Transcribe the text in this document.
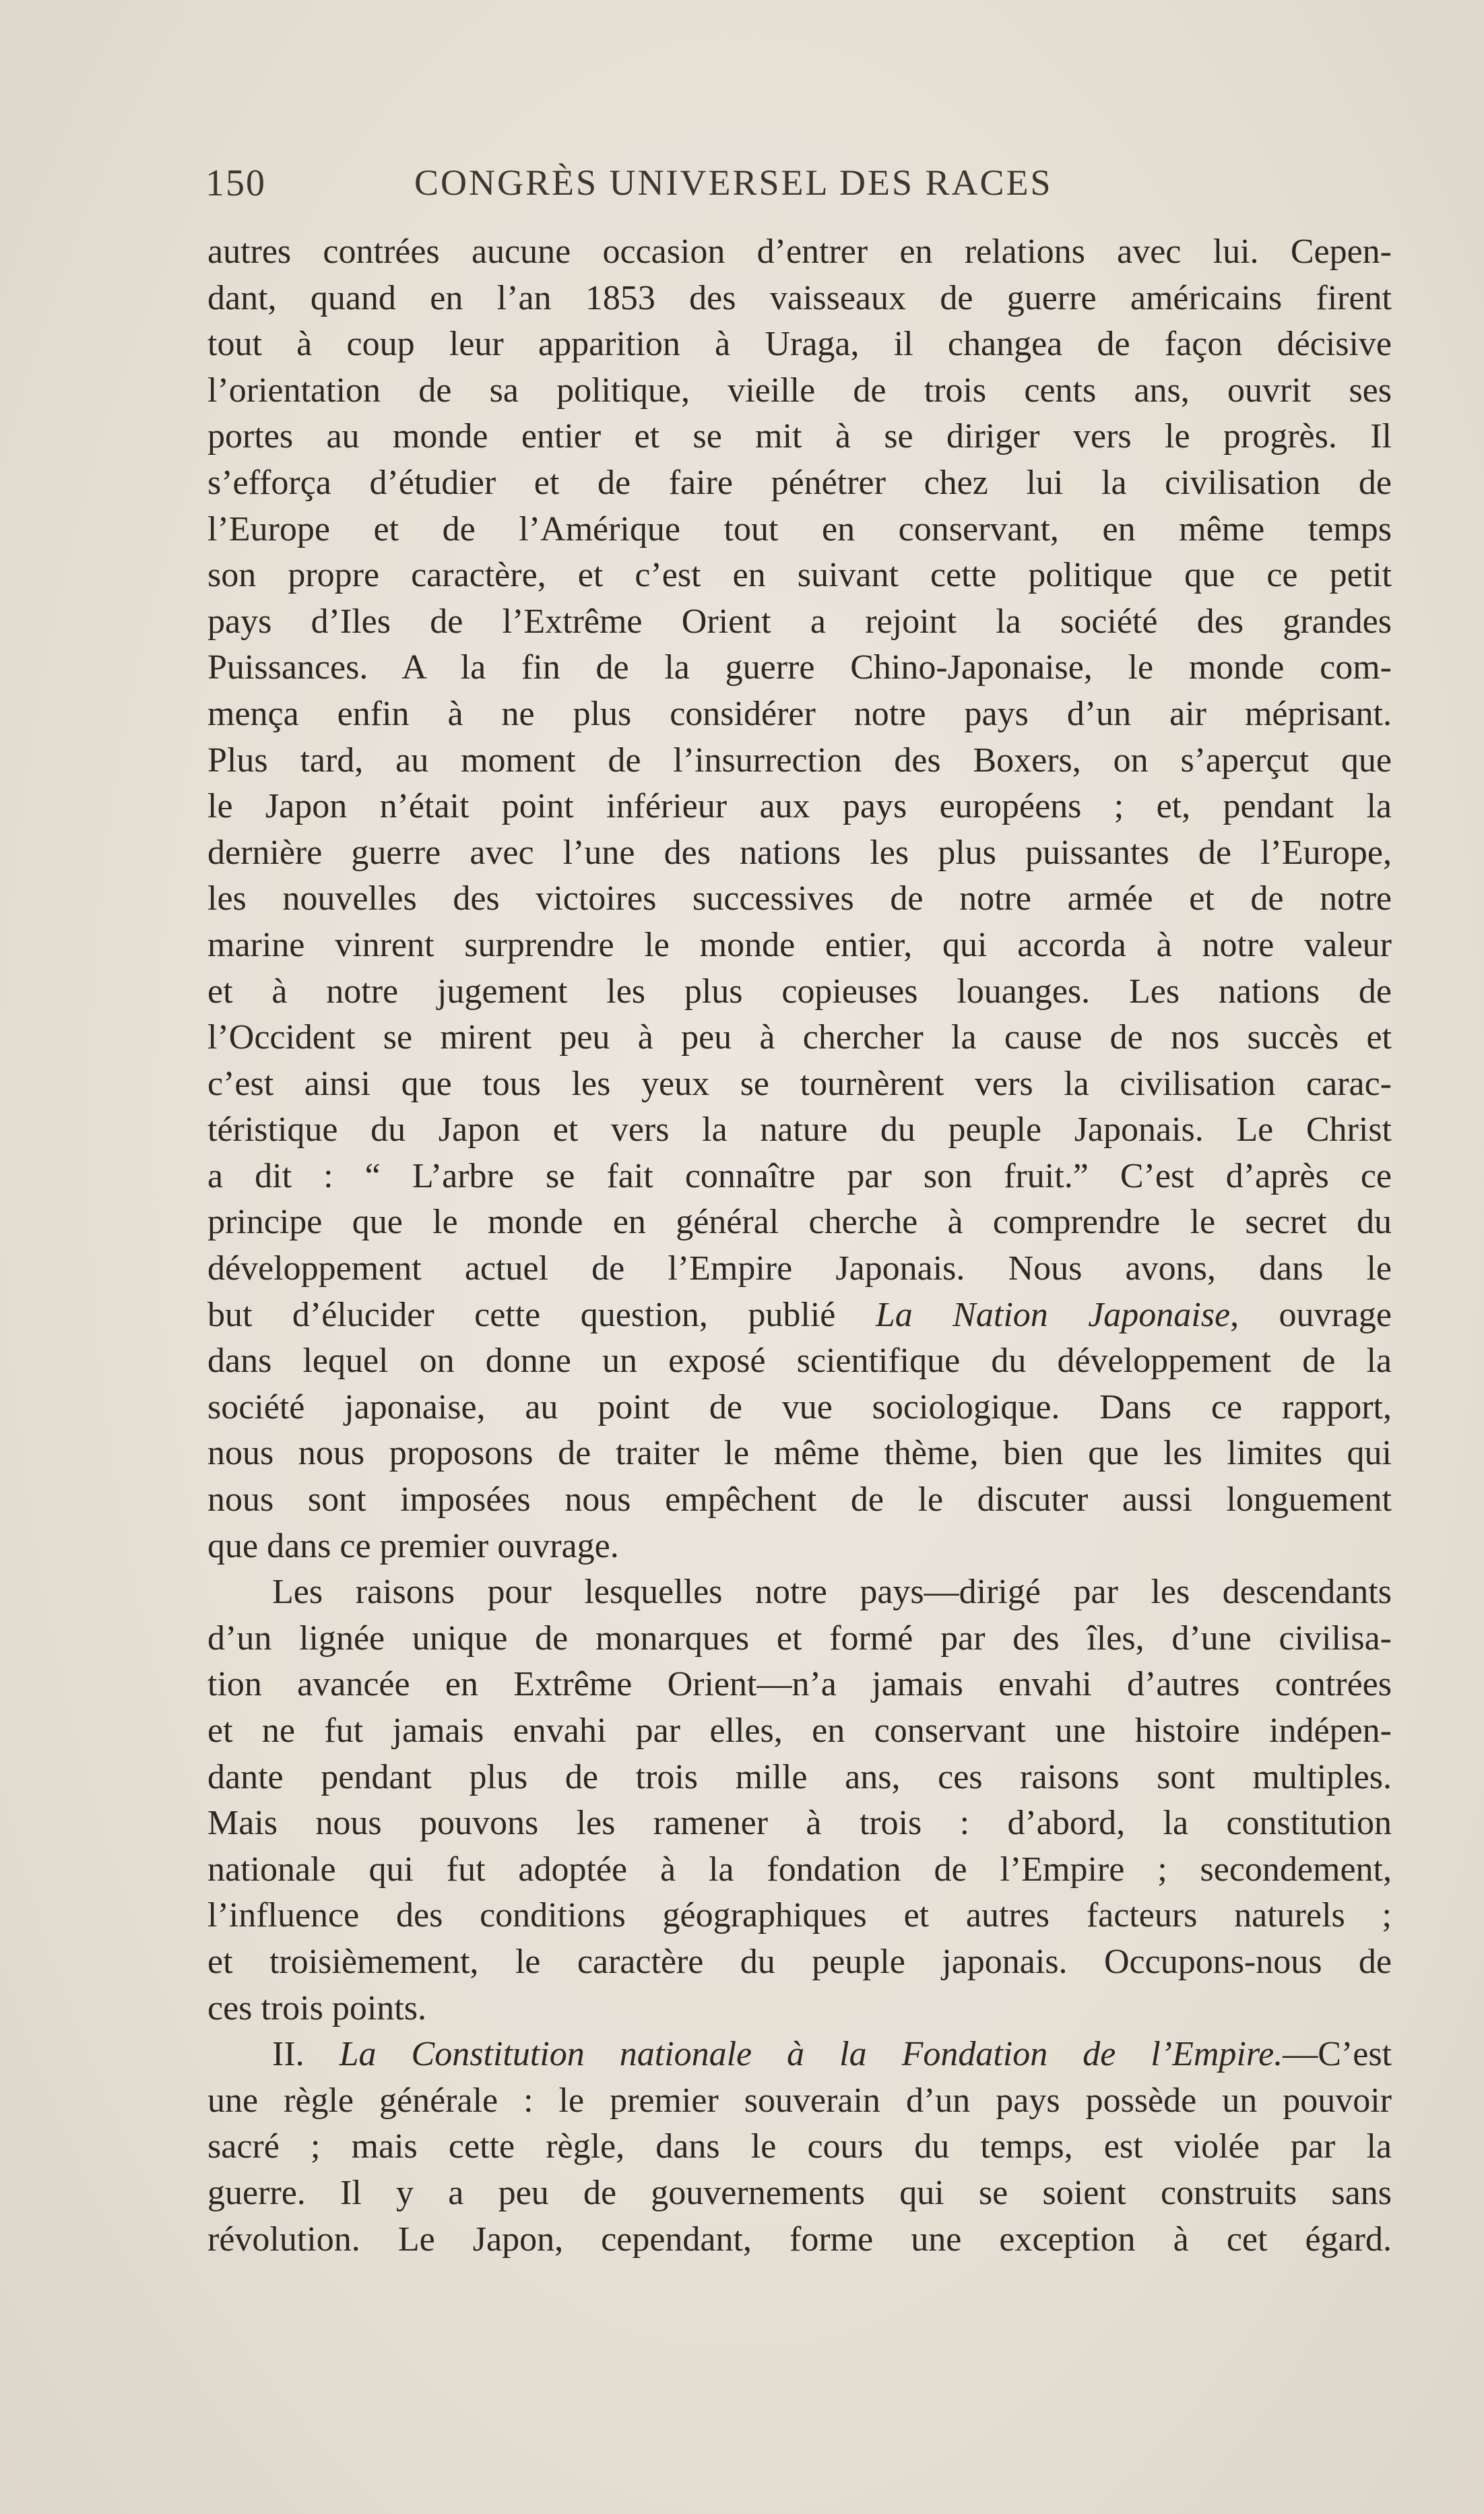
150	CONGRÈS UNIVERSEL DES RACES
autres contrées aucune occasion d’entrer en relations avec lui. Cepen-
dant, quand en l’an 1853 des vaisseaux de guerre américains firent
tout à coup leur apparition à Uraga, il changea de façon décisive
l’orientation de sa politique, vieille de trois cents ans, ouvrit ses
portes au monde entier et se mit à se diriger vers le progrès. Il
s’efforça d’étudier et de faire pénétrer chez lui la civilisation de
l’Europe et de l’Amérique tout en conservant, en même temps
son propre caractère, et c’est en suivant cette politique que ce petit
pays d’Iles de l’Extrême Orient a rejoint la société des grandes
Puissances. A la fin de la guerre Chino-Japonaise, le monde com-
mença enfin à ne plus considérer notre pays d’un air méprisant.
Plus tard, au moment de l’insurrection des Boxers, on s’aperçut que
le Japon n’était point inférieur aux pays européens ; et, pendant la
dernière guerre avec l’une des nations les plus puissantes de l’Europe,
les nouvelles des victoires successives de notre armée et de notre
marine vinrent surprendre le monde entier, qui accorda à notre valeur
et à notre jugement les plus copieuses louanges. Les nations de
l’Occident se mirent peu à peu à chercher la cause de nos succès et
c’est ainsi que tous les yeux se tournèrent vers la civilisation carac-
téristique du Japon et vers la nature du peuple Japonais. Le Christ
a dit : “ L’arbre se fait connaître par son fruit.” C’est d’après ce
principe que le monde en général cherche à comprendre le secret du
développement actuel de l’Empire Japonais. Nous avons, dans le
but d’élucider cette question, publié La Nation Japonaise, ouvrage
dans lequel on donne un exposé scientifique du développement de la
société japonaise, au point de vue sociologique. Dans ce rapport,
nous nous proposons de traiter le même thème, bien que les limites qui
nous sont imposées nous empêchent de le discuter aussi longuement
que dans ce premier ouvrage.
Les raisons pour lesquelles notre pays—dirigé par les descendants
d’un lignée unique de monarques et formé par des îles, d’une civilisa-
tion avancée en Extrême Orient—n’a jamais envahi d’autres contrées
et ne fut jamais envahi par elles, en conservant une histoire indépen-
dante pendant plus de trois mille ans, ces raisons sont multiples.
Mais nous pouvons les ramener à trois : d’abord, la constitution
nationale qui fut adoptée à la fondation de l’Empire ; secondement,
l’influence des conditions géographiques et autres facteurs naturels ;
et troisièmement, le caractère du peuple japonais. Occupons-nous de
ces trois points.
II. La Constitution nationale à la Fondation de l’Empire.—C’est
une règle générale : le premier souverain d’un pays possède un pouvoir
sacré ; mais cette règle, dans le cours du temps, est violée par la
guerre. Il y a peu de gouvernements qui se soient construits sans
révolution. Le Japon, cependant, forme une exception à cet égard.
